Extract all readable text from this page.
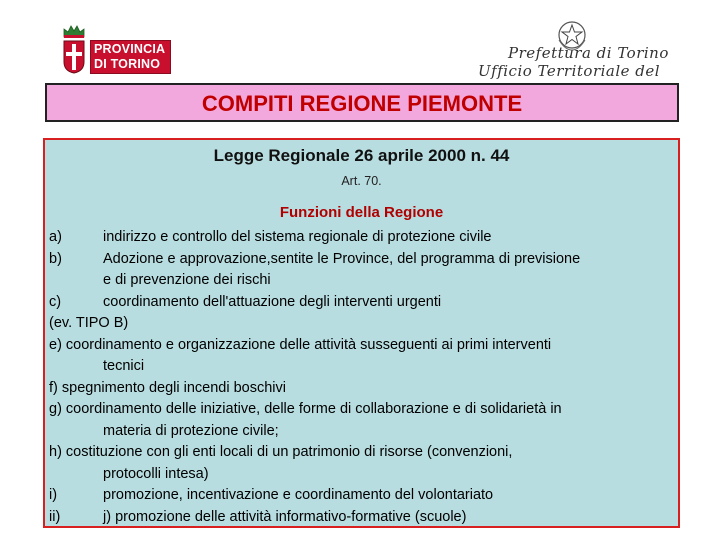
PROVINCIA
DI TORINO
Prefettura di Torino
Ufficio Territoriale del
COMPITI REGIONE PIEMONTE
Legge Regionale 26 aprile 2000 n. 44
Art. 70.
Funzioni della Regione
a)	indirizzo e controllo del sistema regionale di protezione civile
b)	Adozione e approvazione,sentite le Province, del programma di previsione
e di prevenzione dei rischi
c)	coordinamento dell'attuazione degli interventi urgenti
(ev. TIPO B)
e) coordinamento e organizzazione delle attività susseguenti ai primi interventi
tecnici
f) spegnimento degli incendi boschivi
g) coordinamento delle iniziative, delle forme di collaborazione e di solidarietà in
materia di protezione civile;
h) costituzione con gli enti locali di un patrimonio di risorse (convenzioni,
protocolli intesa)
i)	promozione, incentivazione e coordinamento del volontariato
ii)	j) promozione delle attività informativo-formative (scuole)
